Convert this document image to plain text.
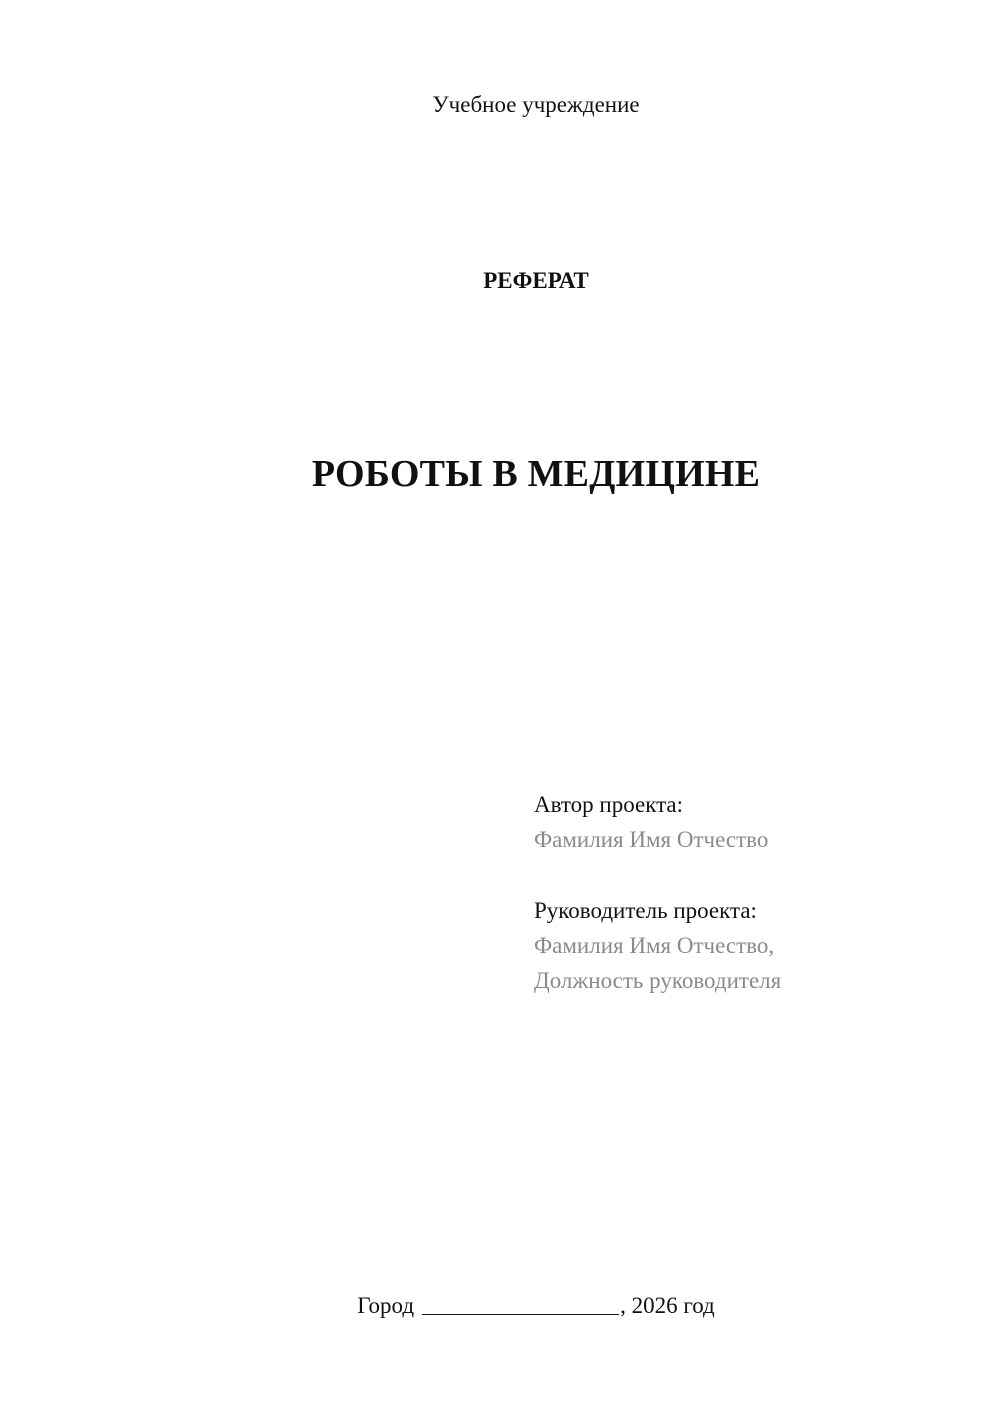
Учебное учреждение
РЕФЕРАТ
РОБОТЫ В МЕДИЦИНЕ
Автор проекта:
Фамилия Имя Отчество
Руководитель проекта:
Фамилия Имя Отчество,
Должность руководителя
Город	, 2026 год
